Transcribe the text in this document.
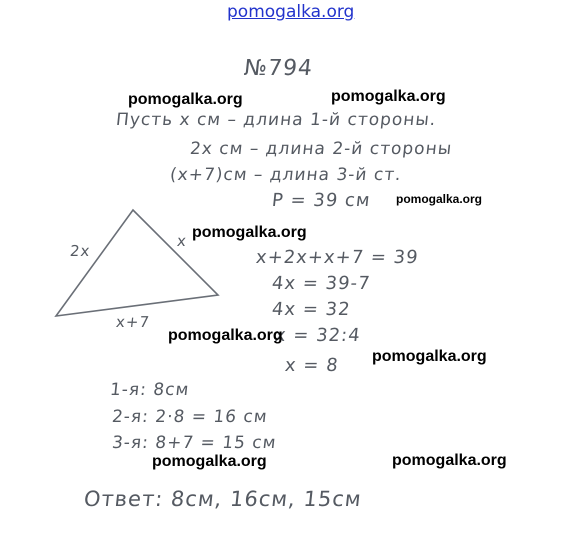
pomogalka.org
№794
Пусть x см – длина 1-й стороны.
2x см – длина 2-й стороны
(x+7)см – длина 3-й ст.
P = 39 см
2x
x
x+7
x+2x+x+7 = 39
4x = 39-7
4x = 32
x = 32:4
x = 8
1-я: 8см
2-я: 2·8 = 16 см
3-я: 8+7 = 15 см
Ответ: 8см, 16см, 15см
pomogalka.org	pomogalka.org
pomogalka.org
pomogalka.org
pomogalka.org
pomogalka.org
pomogalka.org	pomogalka.org
